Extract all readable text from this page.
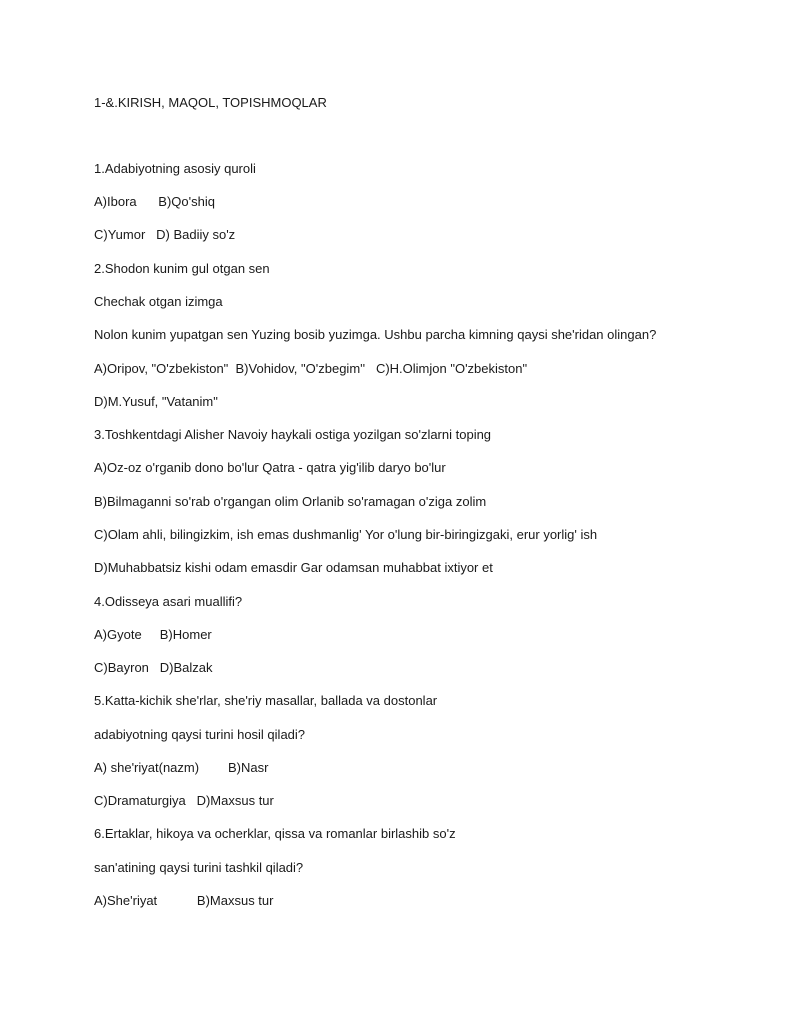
1-&.KIRISH, MAQOL, TOPISHMOQLAR
1.Adabiyotning asosiy quroli
A)Ibora      B)Qo'shiq
C)Yumor   D) Badiiy so'z
2.Shodon kunim gul otgan sen
Chechak otgan izimga
Nolon kunim yupatgan sen Yuzing bosib yuzimga. Ushbu parcha kimning qaysi she'ridan olingan?
A)Oripov, "O'zbekiston"  B)Vohidov, "O'zbegim''   C)H.Olimjon "O'zbekiston"
D)M.Yusuf, "Vatanim"
3.Toshkentdagi Alisher Navoiy haykali ostiga yozilgan so'zlarni toping
A)Oz-oz o'rganib dono bo'lur Qatra - qatra yig'ilib daryo bo'lur
B)Bilmaganni so'rab o'rgangan olim Orlanib so'ramagan o'ziga zolim
C)Olam ahli, bilingizkim, ish emas dushmanlig' Yor o'lung bir-biringizgaki, erur yorlig' ish
D)Muhabbatsiz kishi odam emasdir Gar odamsan muhabbat ixtiyor et
4.Odisseya asari muallifi?
A)Gyote     B)Homer
C)Bayron   D)Balzak
5.Katta-kichik she'rlar, she'riy masallar, ballada va dostonlar
adabiyotning qaysi turini hosil qiladi?
A) she'riyat(nazm)        B)Nasr
C)Dramaturgiya   D)Maxsus tur
6.Ertaklar, hikoya va ocherklar, qissa va romanlar birlashib so'z
san'atining qaysi turini tashkil qiladi?
A)She'riyat           B)Maxsus tur
